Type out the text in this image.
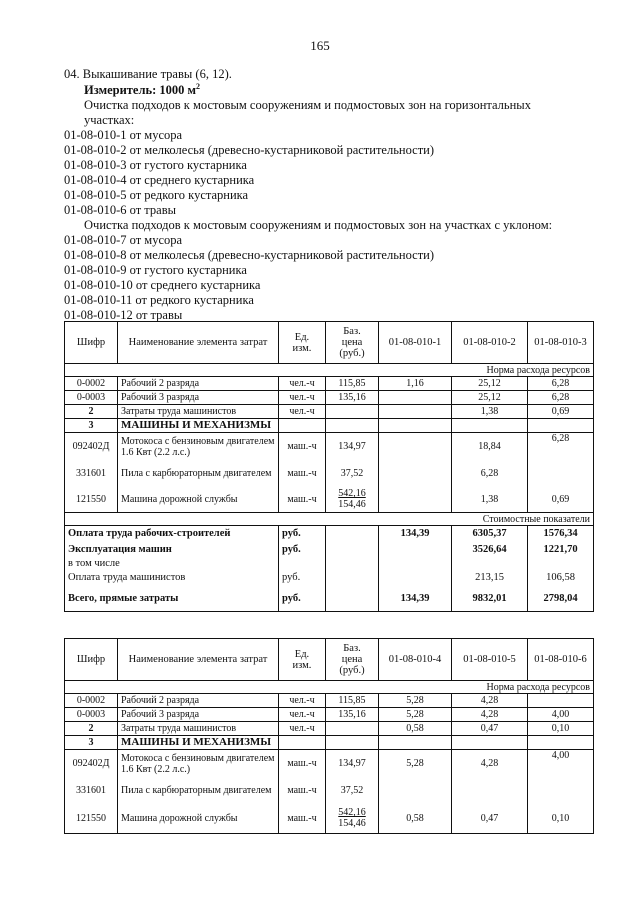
165
04. Выкашивание травы (6, 12).
Измеритель: 1000 $м^2$
Очистка подходов к мостовым сооружениям и подмостовых зон на горизонтальных
участках:
01-08-010-1 от мусора
01-08-010-2 от мелколесья (древесно-кустарниковой растительности)
01-08-010-3 от густого кустарника
01-08-010-4 от среднего кустарника
01-08-010-5 от редкого кустарника
01-08-010-6 от травы
Очистка подходов к мостовым сооружениям и подмостовых зон на участках с уклоном:
01-08-010-7 от мусора
01-08-010-8 от мелколесья (древесно-кустарниковой растительности)
01-08-010-9 от густого кустарника
01-08-010-10 от среднего кустарника
01-08-010-11 от редкого кустарника
01-08-010-12 от травы
Шифр	Наименование элемента затрат	Ед.
изм.	Баз.
цена
(руб.)	01-08-010-1	01-08-010-2	01-08-010-3
Норма расхода ресурсов						
0-0002	Рабочий 2 разряда	чел.-ч	115,85	1,16	25,12	6,28
0-0003	Рабочий 3 разряда	чел.-ч	135,16		25,12	6,28
2	Затраты труда машинистов	чел.-ч			1,38	0,69
3	МАШИНЫ И МЕХАНИЗМЫ					
092402Д	Мотокоса с бензиновым двигателем 1.6 Квт (2.2 л.с.)	маш.-ч	134,97		18,84	6,28
331601	Пила с карбюраторным двигателем	маш.-ч	37,52		6,28	
121550	Машина дорожной службы	маш.-ч	542,16
154,46		1,38	0,69
Стоимостные показатели						
Оплата труда рабочих-строителей		руб.		134,39	6305,37	1576,34
Эксплуатация машин		руб.			3526,64	1221,70
в том числе						
Оплата труда машинистов		руб.			213,15	106,58
Всего, прямые затраты		руб.		134,39	9832,01	2798,04
Шифр	Наименование элемента затрат	Ед.
изм.	Баз.
цена
(руб.)	01-08-010-4	01-08-010-5	01-08-010-6
Норма расхода ресурсов						
0-0002	Рабочий 2 разряда	чел.-ч	115,85	5,28	4,28	
0-0003	Рабочий 3 разряда	чел.-ч	135,16	5,28	4,28	4,00
2	Затраты труда машинистов	чел.-ч		0,58	0,47	0,10
3	МАШИНЫ И МЕХАНИЗМЫ					
092402Д	Мотокоса с бензиновым двигателем 1.6 Квт (2.2 л.с.)	маш.-ч	134,97	5,28	4,28	4,00
331601	Пила с карбюраторным двигателем	маш.-ч	37,52			
121550	Машина дорожной службы	маш.-ч	542,16
154,46	0,58	0,47	0,10
